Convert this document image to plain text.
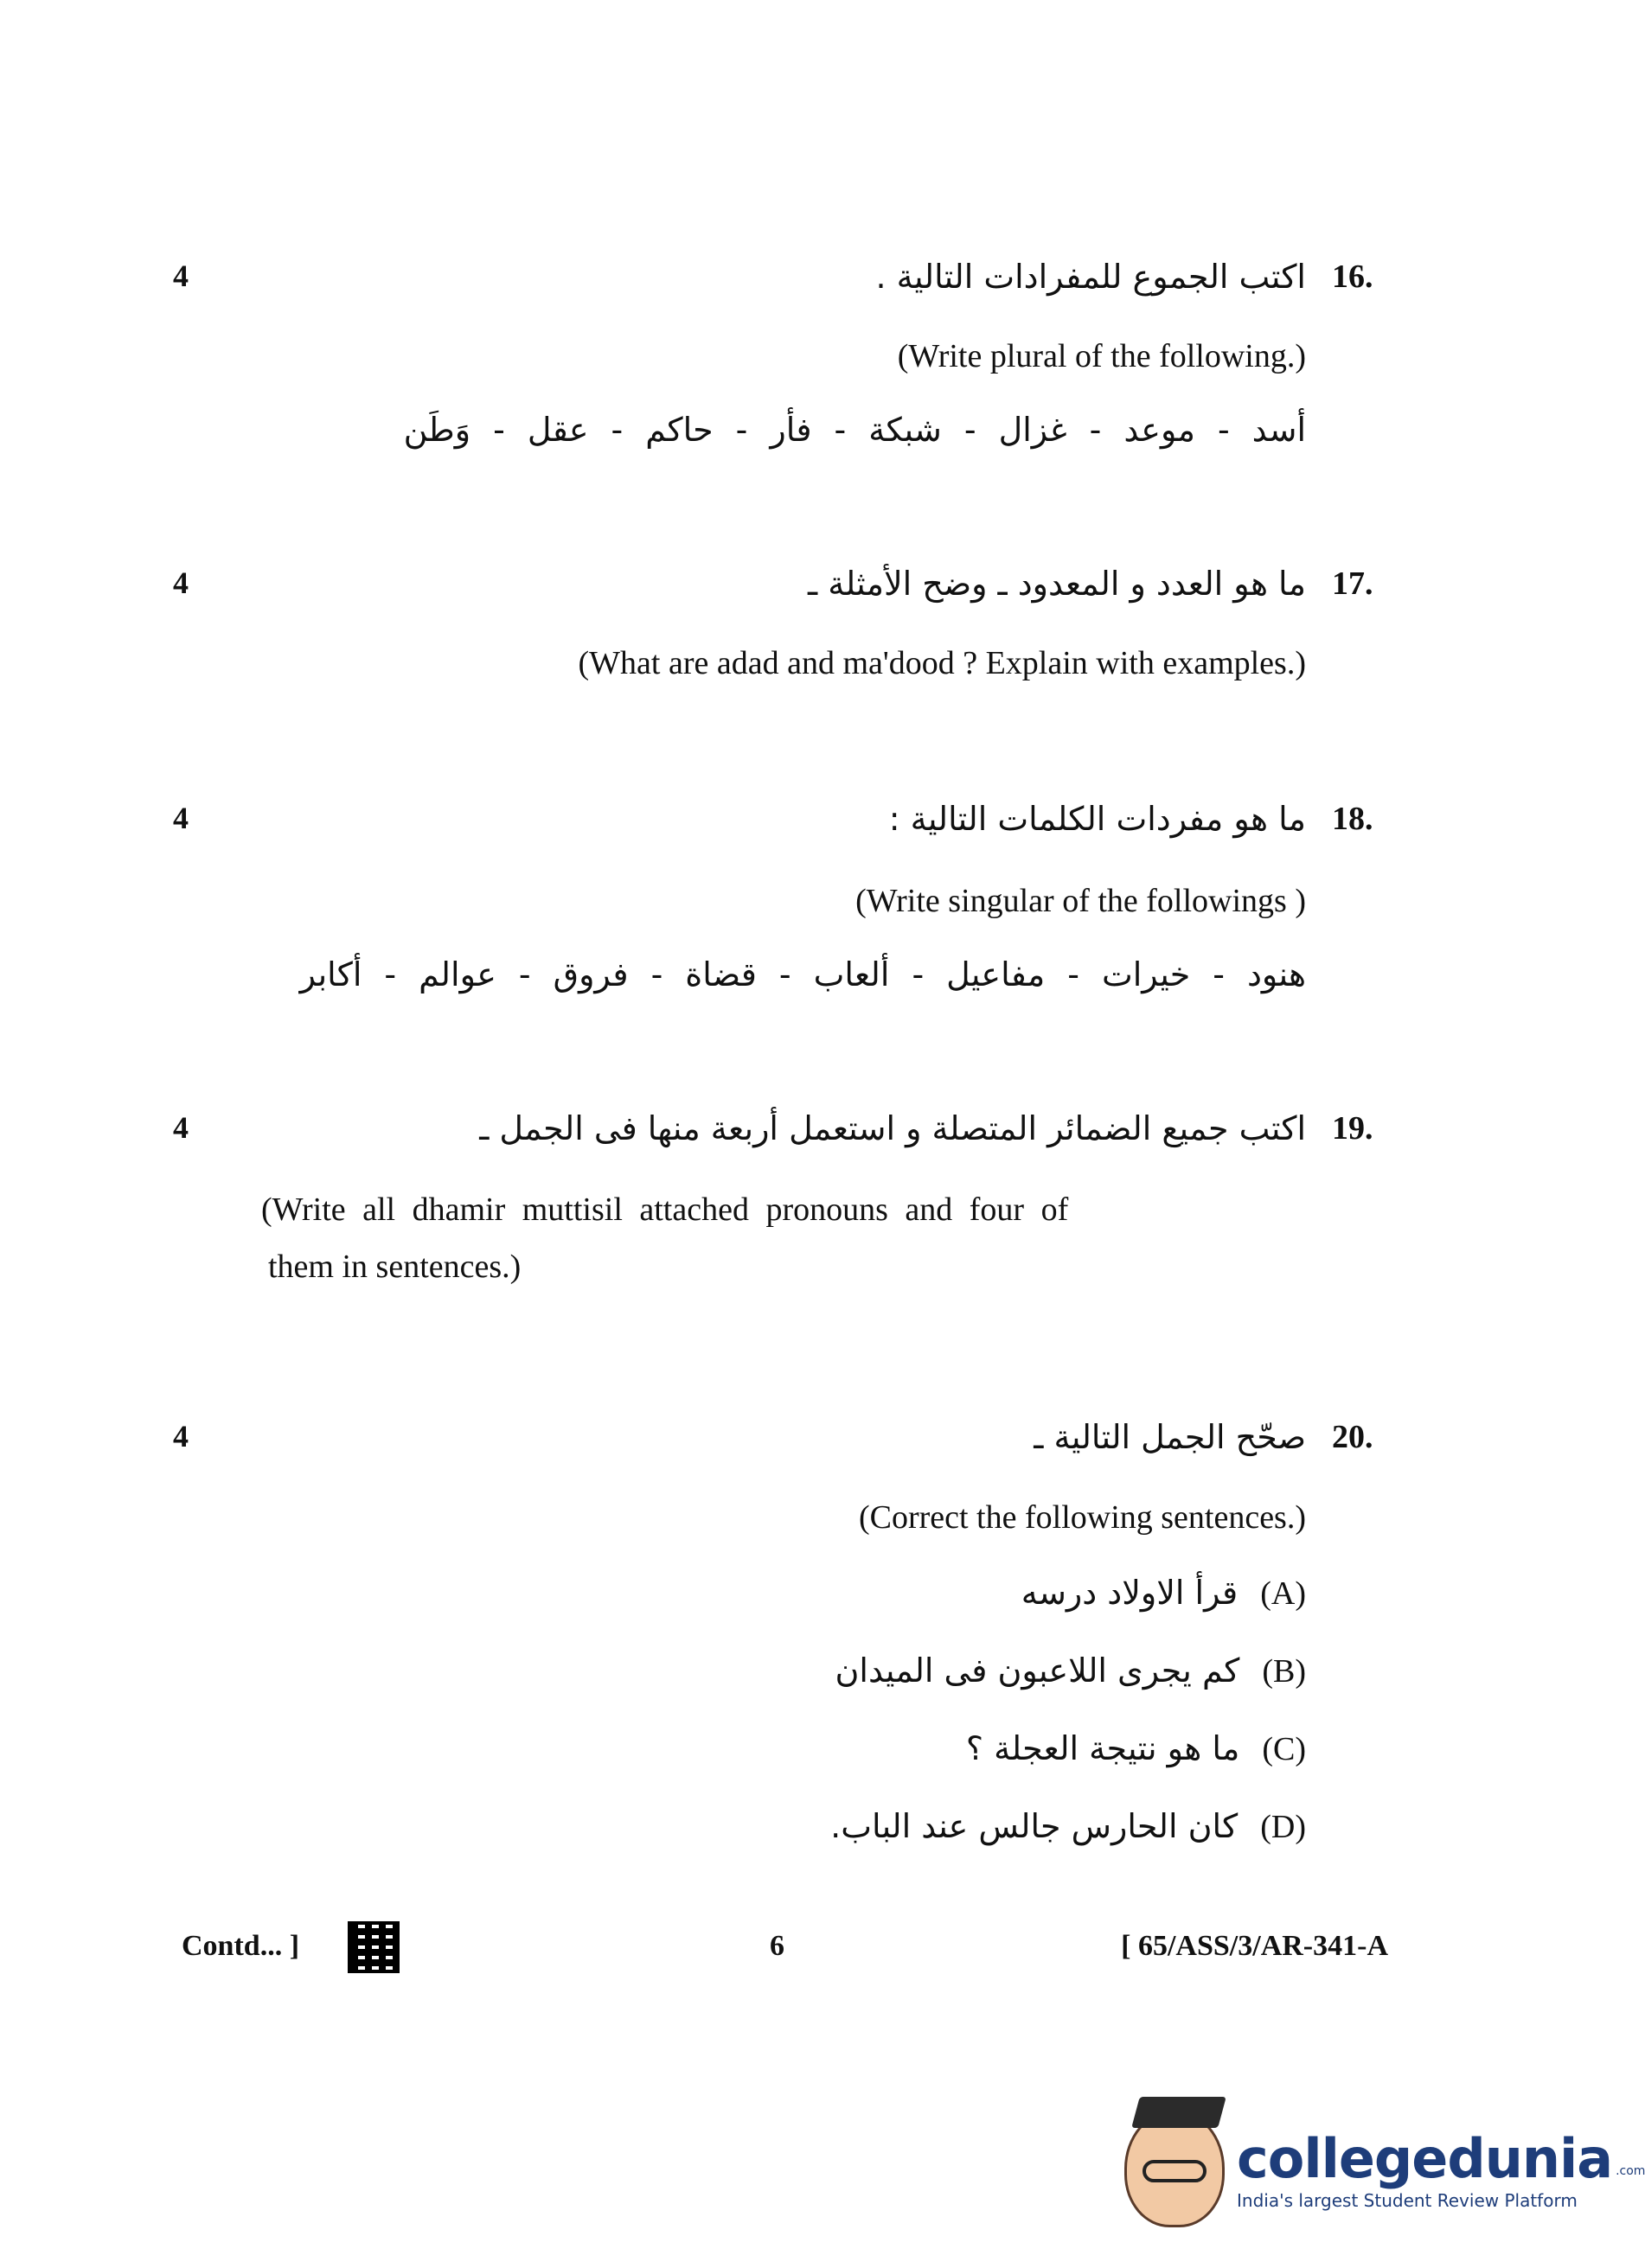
4	اكتب الجموع للمفرادات التالية . 16.
(Write plural of the following.)
أسد
-
موعد
-
غزال
-
شبكة
-
فأر
-
حاكم
-
عقل
-
وَطَن
4	ما هو العدد و المعدود ـ وضح الأمثلة ـ 17.
(What are adad and ma'dood ? Explain with examples.)
4	ما هو مفردات الكلمات التالية : 18.
(Write singular of the followings )
هنود
-
خيرات
-
مفاعيل
-
ألعاب
-
قضاة
-
فروق
-
عوالم
-
أكابر
4	اكتب جميع الضمائر المتصلة و استعمل أربعة منها فى الجمل ـ 19.
(Write all dhamir muttisil attached pronouns and four of
them in sentences.)
4	صحّح الجمل التالية ـ 20.
(Correct the following sentences.)
(A)
قرأ الاولاد درسه
(B)
كم يجرى اللاعبون فى الميدان
(C)
ما هو نتيجة العجلة ؟
(D)
كان الحارس جالس عند الباب.
Contd... ]	6	[ 65/ASS/3/AR-341-A
collegedunia .com
India's largest Student Review Platform
